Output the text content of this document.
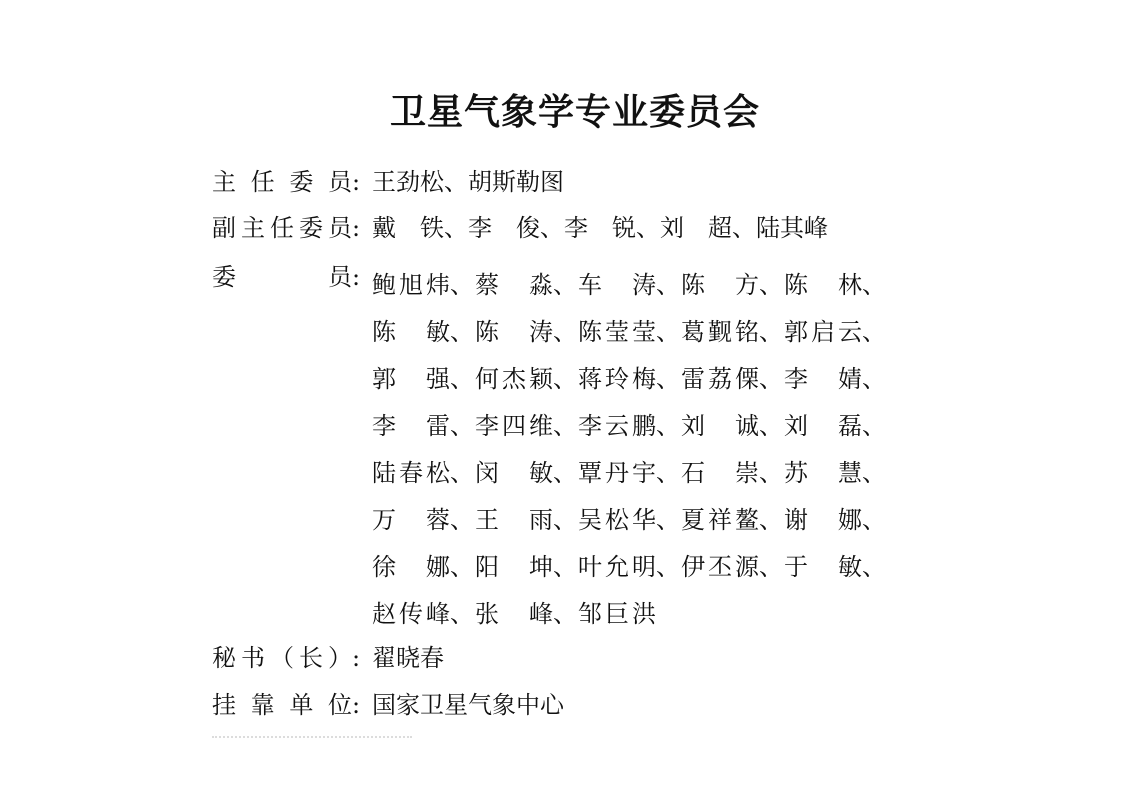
卫星气象学专业委员会
主任委员: 王劲松、胡斯勒图
副主任委员: 戴　铁、李　俊、李　锐、刘　超、陆其峰
委员: 鲍旭炜、蔡　淼、车　涛、陈　方、陈　林、
陈　敏、陈　涛、陈莹莹、葛觐铭、郭启云、
郭　强、何杰颖、蒋玲梅、雷荔傈、李　婧、
李　雷、李四维、李云鹏、刘　诚、刘　磊、
陆春松、闵　敏、覃丹宇、石　崇、苏　慧、
万　蓉、王　雨、吴松华、夏祥鳌、谢　娜、
徐　娜、阳　坤、叶允明、伊丕源、于　敏、
赵传峰、张　峰、邹巨洪
秘书（长）: 翟晓春
挂靠单位: 国家卫星气象中心
